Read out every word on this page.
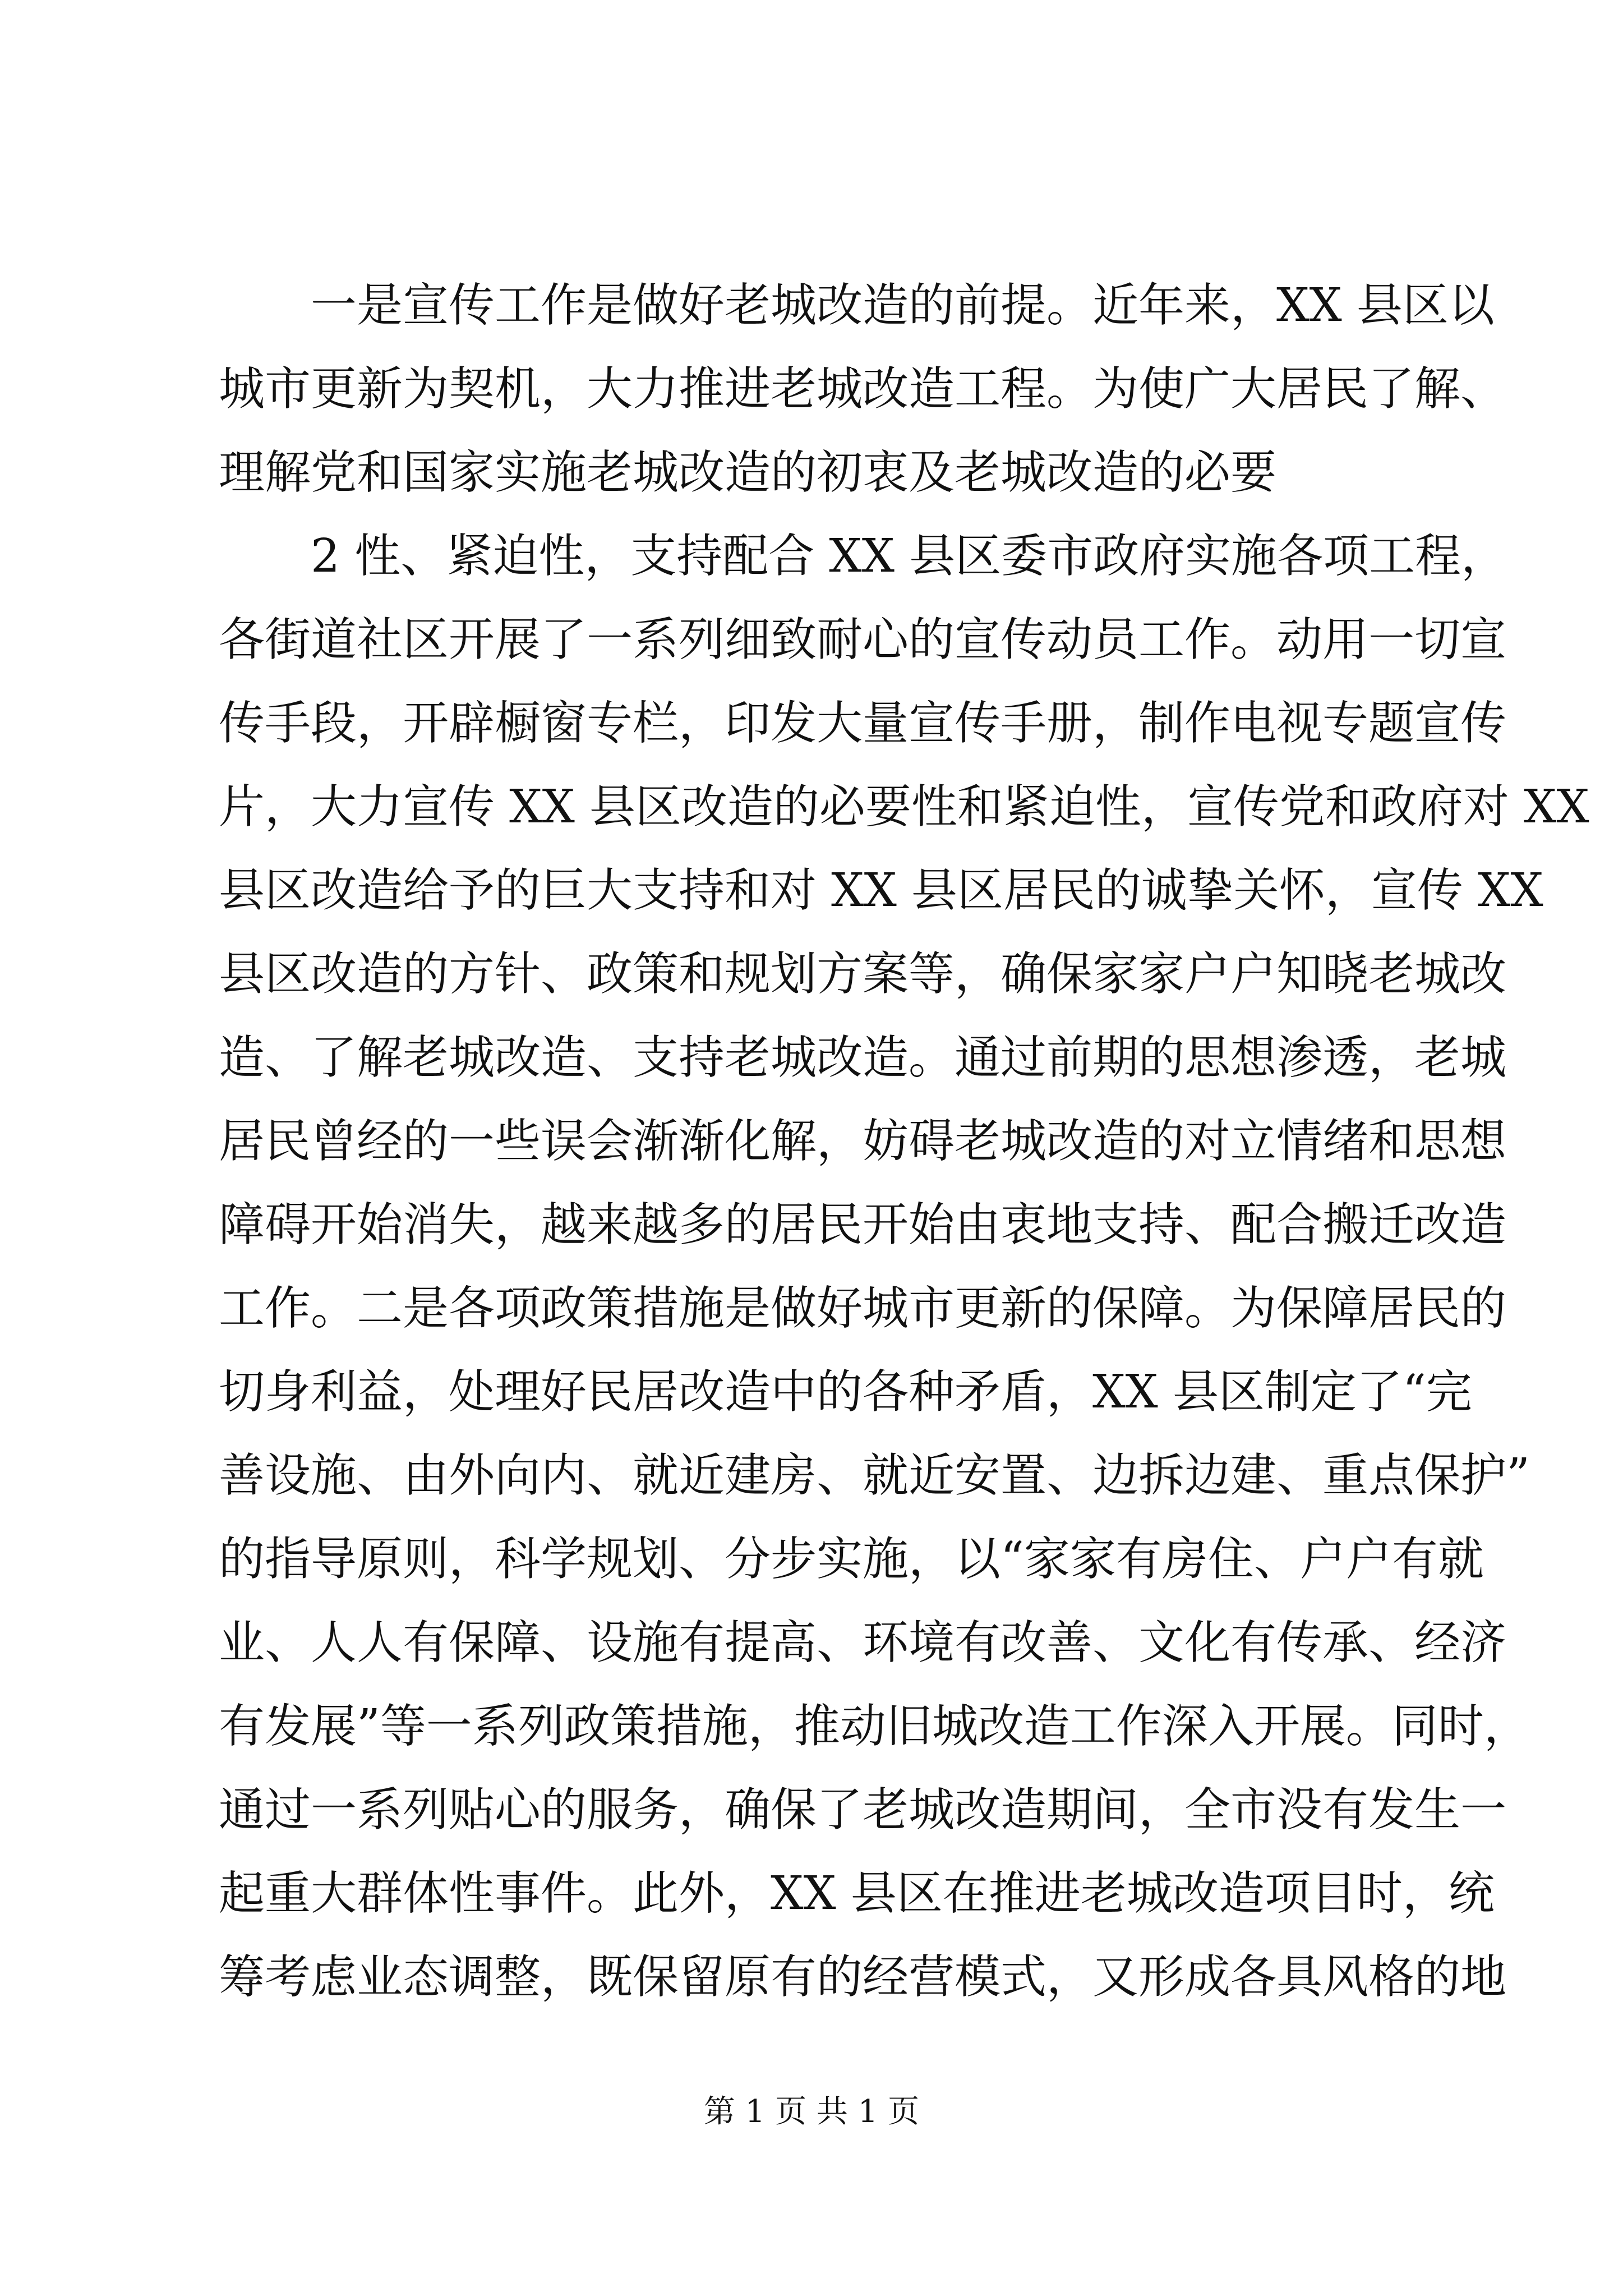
一是宣传工作是做好老城改造的前提。近年来，XX 县区以
城市更新为契机，大力推进老城改造工程。为使广大居民了解、
理解党和国家实施老城改造的初衷及老城改造的必要
2 性、紧迫性，支持配合 XX 县区委市政府实施各项工程，
各街道社区开展了一系列细致耐心的宣传动员工作。动用一切宣
传手段，开辟橱窗专栏，印发大量宣传手册，制作电视专题宣传
片，大力宣传 XX 县区改造的必要性和紧迫性，宣传党和政府对 XX
县区改造给予的巨大支持和对 XX 县区居民的诚挚关怀，宣传 XX
县区改造的方针、政策和规划方案等，确保家家户户知晓老城改
造、了解老城改造、支持老城改造。通过前期的思想渗透，老城
居民曾经的一些误会渐渐化解，妨碍老城改造的对立情绪和思想
障碍开始消失，越来越多的居民开始由衷地支持、配合搬迁改造
工作。二是各项政策措施是做好城市更新的保障。为保障居民的
切身利益，处理好民居改造中的各种矛盾，XX 县区制定了“完
善设施、由外向内、就近建房、就近安置、边拆边建、重点保护”
的指导原则，科学规划、分步实施，以“家家有房住、户户有就
业、人人有保障、设施有提高、环境有改善、文化有传承、经济
有发展”等一系列政策措施，推动旧城改造工作深入开展。同时，
通过一系列贴心的服务，确保了老城改造期间，全市没有发生一
起重大群体性事件。此外，XX 县区在推进老城改造项目时，统
筹考虑业态调整，既保留原有的经营模式，又形成各具风格的地
第 1 页 共 1 页
